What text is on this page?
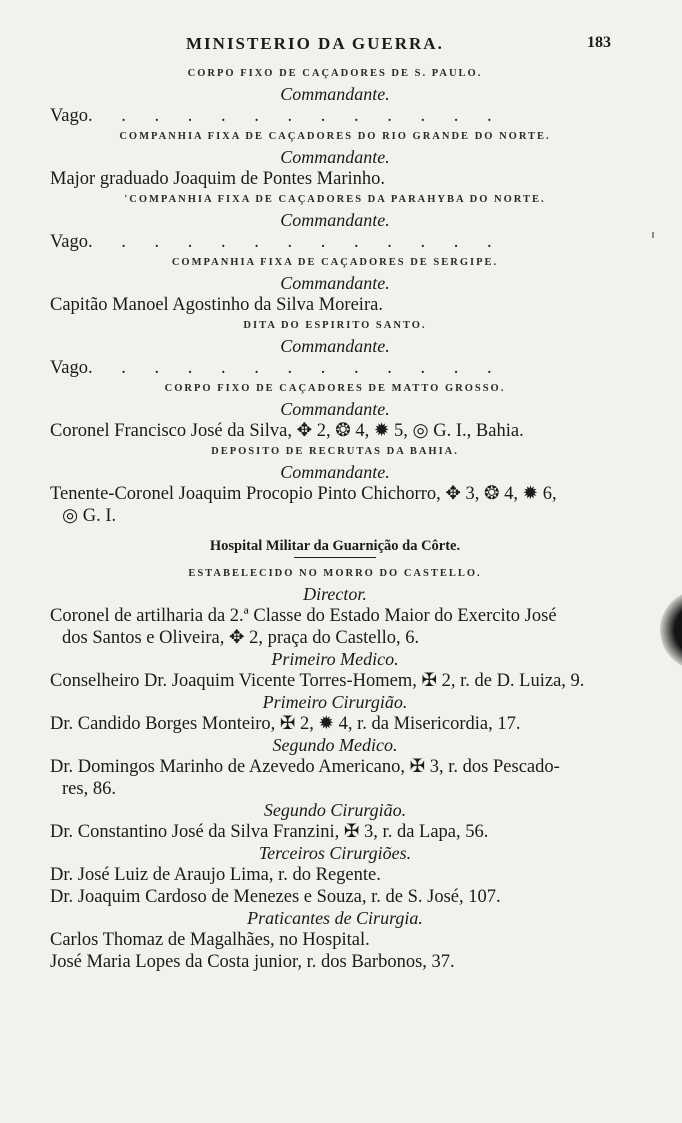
MINISTERIO DA GUERRA.	183
CORPO FIXO DE CAÇADORES DE S. PAULO.
Commandante.
Vago. . . . . . . . . . . . .
COMPANHIA FIXA DE CAÇADORES DO RIO GRANDE DO NORTE.
Commandante.
Major graduado Joaquim de Pontes Marinho.
'COMPANHIA FIXA DE CAÇADORES DA PARAHYBA DO NORTE.
Commandante.
Vago. . . . . . . . . . . . .
COMPANHIA FIXA DE CAÇADORES DE SERGIPE.
Commandante.
Capitão Manoel Agostinho da Silva Moreira.
DITA DO ESPIRITO SANTO.
Commandante.
Vago. . . . . . . . . . . . .
CORPO FIXO DE CAÇADORES DE MATTO GROSSO.
Commandante.
Coronel Francisco José da Silva, ✥ 2, ❂ 4, ✹ 5, ◎ G. I., Bahia.
DEPOSITO DE RECRUTAS DA BAHIA.
Commandante.
Tenente-Coronel Joaquim Procopio Pinto Chichorro, ✥ 3, ❂ 4, ✹ 6,
◎ G. I.
Hospital Militar da Guarnição da Côrte.
ESTABELECIDO NO MORRO DO CASTELLO.
Director.
Coronel de artilharia da 2.ª Classe do Estado Maior do Exercito José
dos Santos e Oliveira, ✥ 2, praça do Castello, 6.
Primeiro Medico.
Conselheiro Dr. Joaquim Vicente Torres-Homem, ✠ 2, r. de D. Luiza, 9.
Primeiro Cirurgião.
Dr. Candido Borges Monteiro, ✠ 2, ✹ 4, r. da Misericordia, 17.
Segundo Medico.
Dr. Domingos Marinho de Azevedo Americano, ✠ 3, r. dos Pescado-
res, 86.
Segundo Cirurgião.
Dr. Constantino José da Silva Franzini, ✠ 3, r. da Lapa, 56.
Terceiros Cirurgiões.
Dr. José Luiz de Araujo Lima, r. do Regente.
Dr. Joaquim Cardoso de Menezes e Souza, r. de S. José, 107.
Praticantes de Cirurgia.
Carlos Thomaz de Magalhães, no Hospital.
José Maria Lopes da Costa junior, r. dos Barbonos, 37.
